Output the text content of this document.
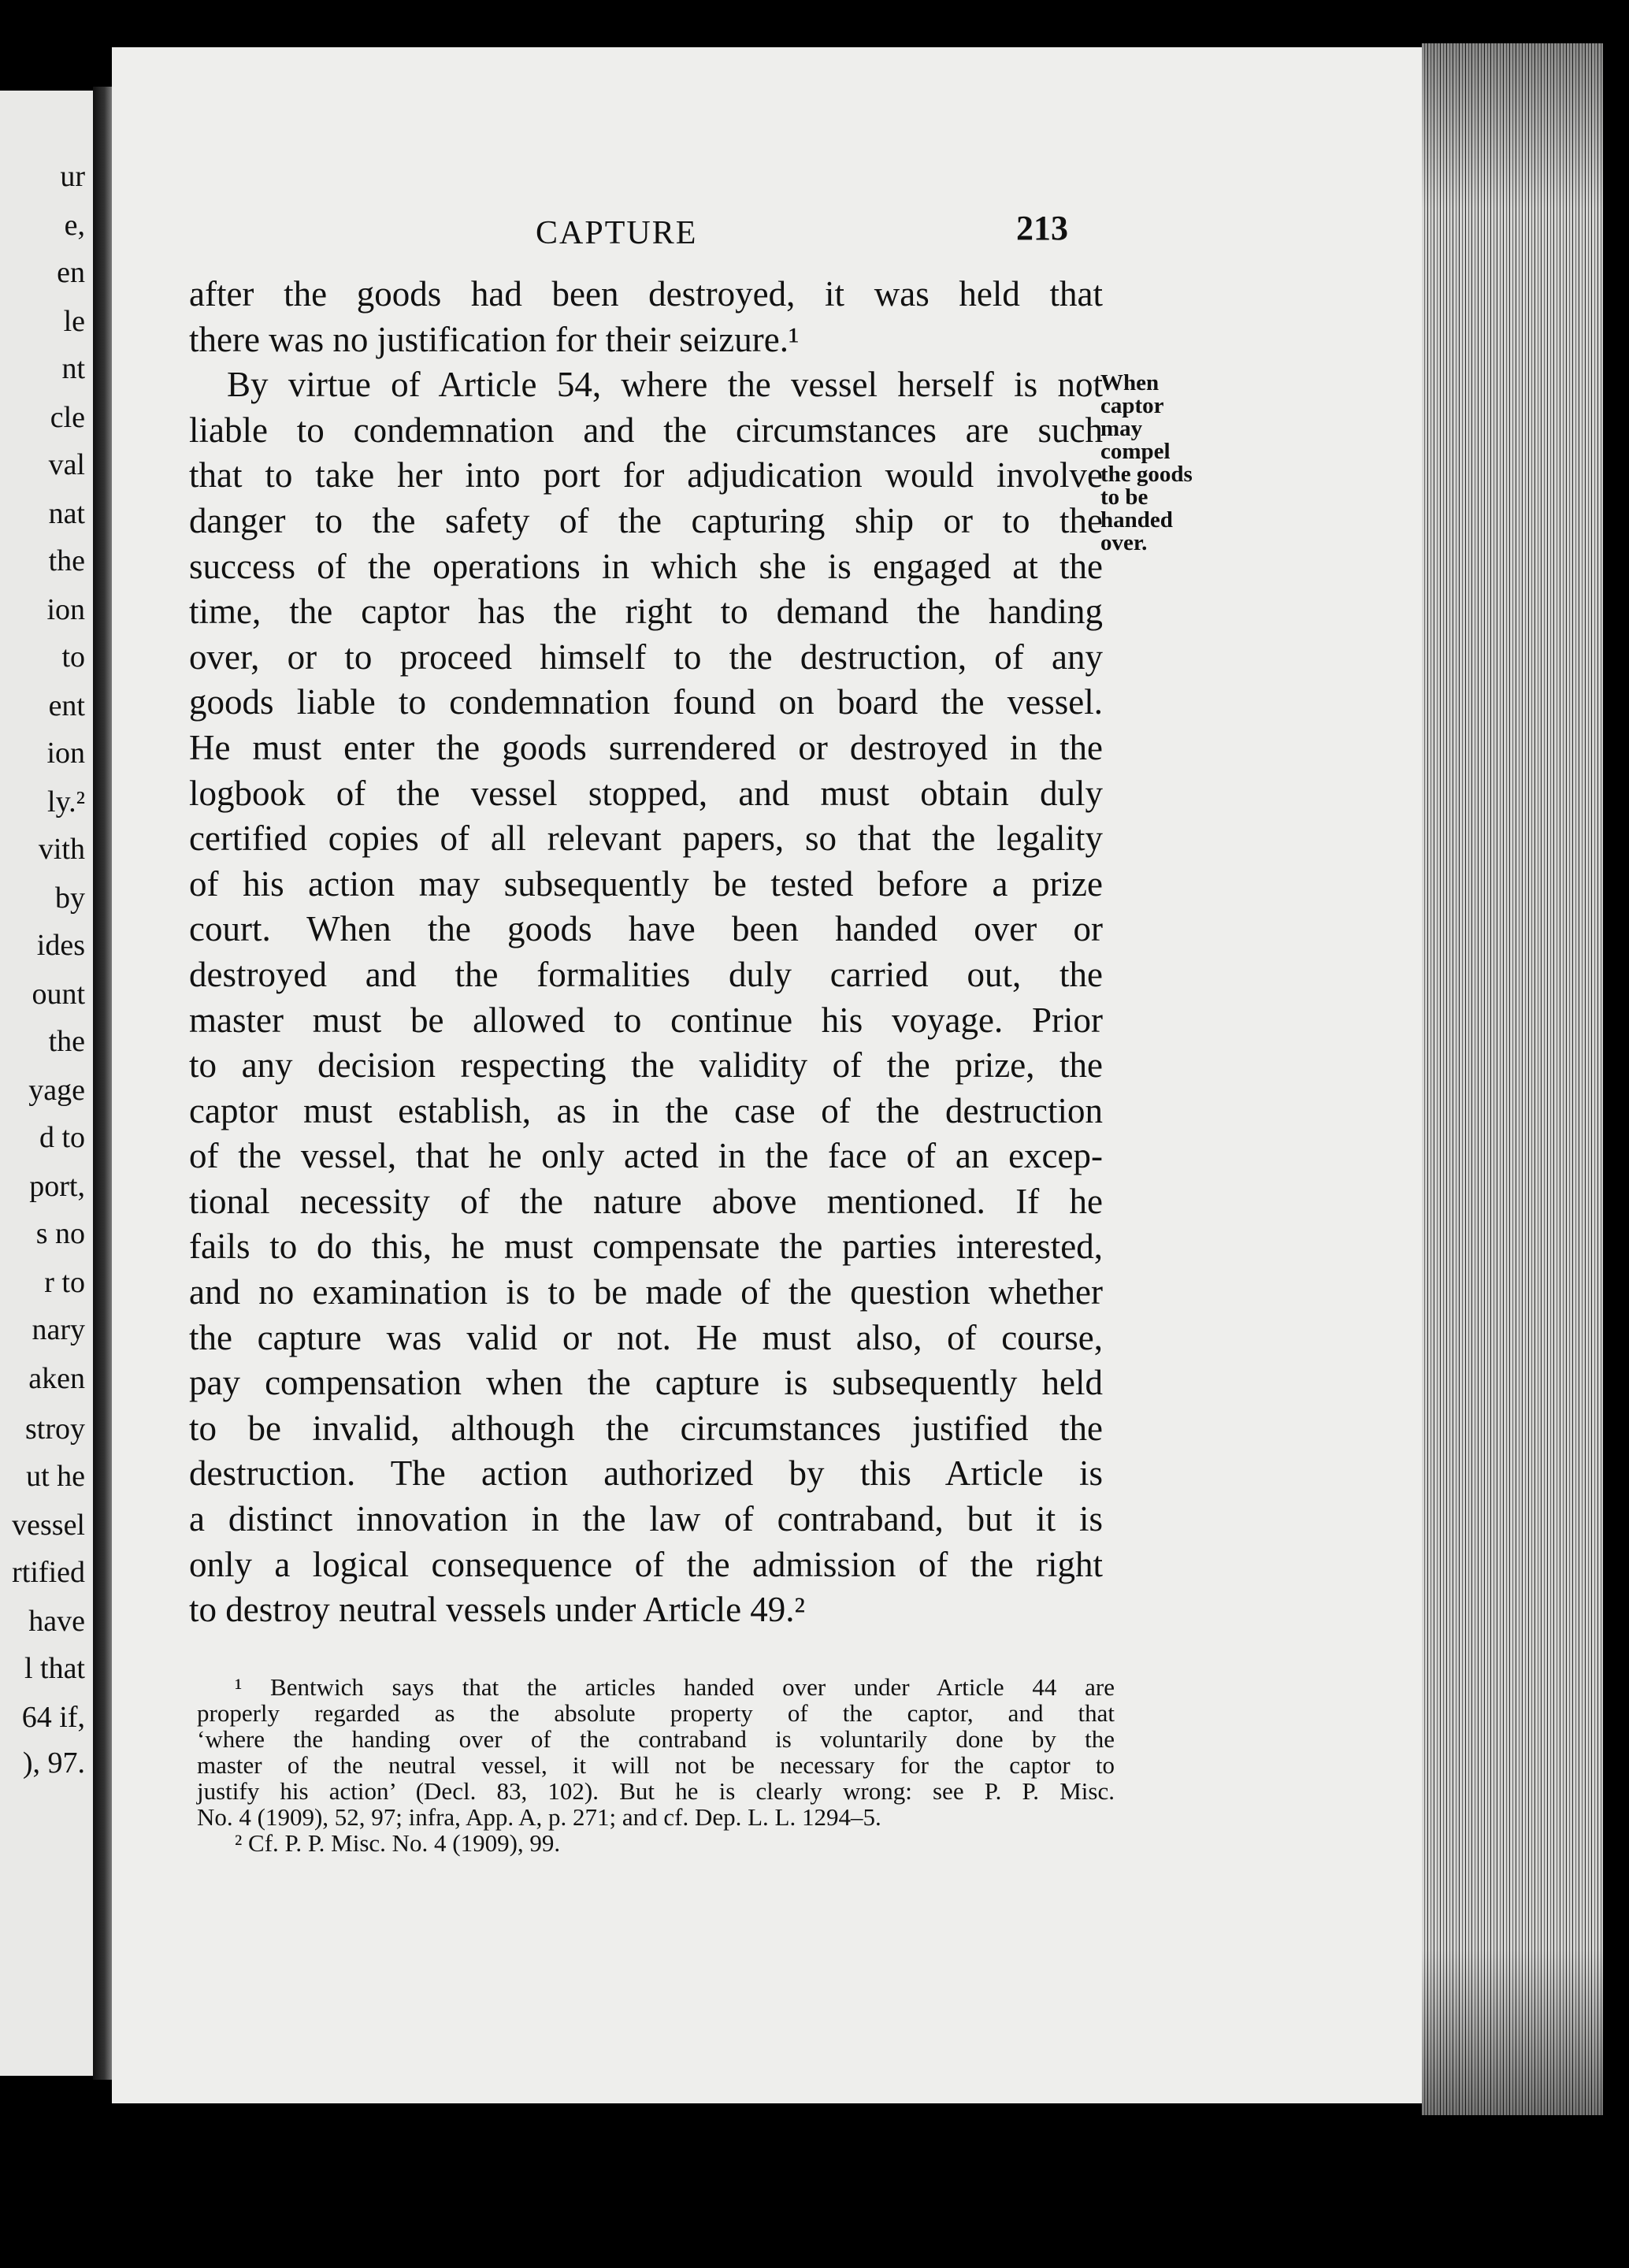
ur
e,
en
le
nt
cle
val
nat
the
ion
to
ent
ion
ly.²
vith
by
ides
ount
the
yage
d to
port,
s no
r to
nary
aken
stroy
ut he
vessel
rtified
have
l that
64 if,
), 97.
CAPTURE	213
after the goods had been destroyed, it was held that
there was no justification for their seizure.¹
By virtue of Article 54, where the vessel herself is not
liable to condemnation and the circumstances are such
that to take her into port for adjudication would involve
danger to the safety of the capturing ship or to the
success of the operations in which she is engaged at the
time, the captor has the right to demand the handing
over, or to proceed himself to the destruction, of any
goods liable to condemnation found on board the vessel.
He must enter the goods surrendered or destroyed in the
logbook of the vessel stopped, and must obtain duly
certified copies of all relevant papers, so that the legality
of his action may subsequently be tested before a prize
court. When the goods have been handed over or
destroyed and the formalities duly carried out, the
master must be allowed to continue his voyage. Prior
to any decision respecting the validity of the prize, the
captor must establish, as in the case of the destruction
of the vessel, that he only acted in the face of an excep-
tional necessity of the nature above mentioned. If he
fails to do this, he must compensate the parties interested,
and no examination is to be made of the question whether
the capture was valid or not. He must also, of course,
pay compensation when the capture is subsequently held
to be invalid, although the circumstances justified the
destruction. The action authorized by this Article is
a distinct innovation in the law of contraband, but it is
only a logical consequence of the admission of the right
to destroy neutral vessels under Article 49.²
When
captor
may
compel
the goods
to be
handed
over.
¹ Bentwich says that the articles handed over under Article 44 are
properly regarded as the absolute property of the captor, and that
‘where the handing over of the contraband is voluntarily done by the
master of the neutral vessel, it will not be necessary for the captor to
justify his action’ (Decl. 83, 102). But he is clearly wrong: see P. P. Misc.
No. 4 (1909), 52, 97; infra, App. A, p. 271; and cf. Dep. L. L. 1294–5.
² Cf. P. P. Misc. No. 4 (1909), 99.
